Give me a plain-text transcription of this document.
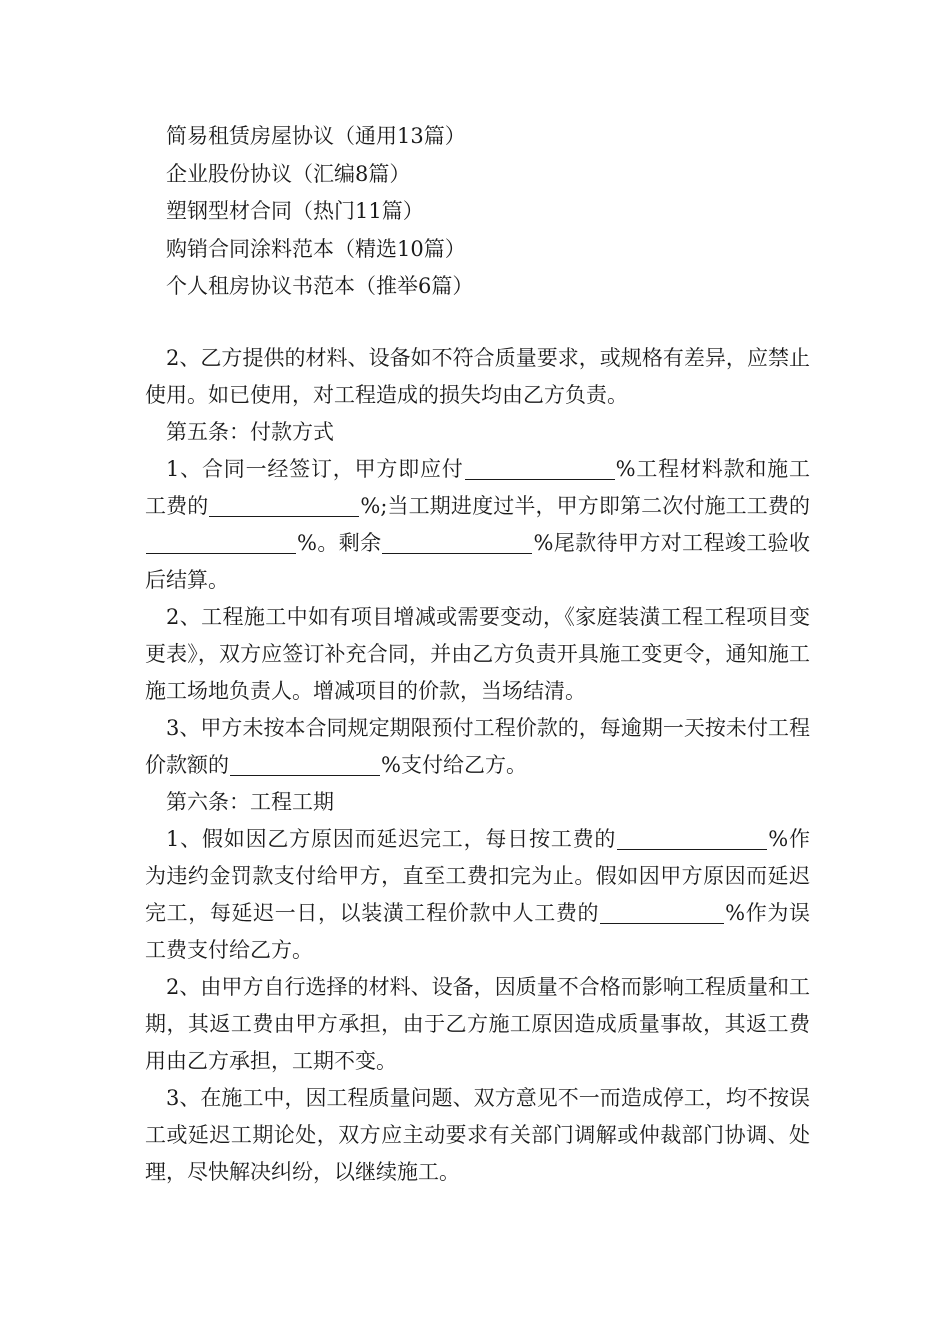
简易租赁房屋协议（通用13篇）
企业股份协议（汇编8篇）
塑钢型材合同（热门11篇）
购销合同涂料范本（精选10篇）
个人租房协议书范本（推举6篇）

2、乙方提供的材料、设备如不符合质量要求，或规格有差异，应禁止使用。如已使用，对工程造成的损失均由乙方负责。

第五条：付款方式

1、合同一经签订，甲方即应付	%工程材料款和施工工费的	%;当工期进度过半，甲方即第二次付施工工费的%。剩余	%尾款待甲方对工程竣工验收后结算。

2、工程施工中如有项目增减或需要变动，《家庭装潢工程工程项目变更表》，双方应签订补充合同，并由乙方负责开具施工变更令，通知施工施工场地负责人。增减项目的价款，当场结清。

3、甲方未按本合同规定期限预付工程价款的，每逾期一天按未付工程价款额的	%支付给乙方。

第六条：工程工期

1、假如因乙方原因而延迟完工，每日按工费的	%作为违约金罚款支付给甲方，直至工费扣完为止。假如因甲方原因而延迟完工，每延迟一日，以装潢工程价款中人工费的	%作为误工费支付给乙方。

2、由甲方自行选择的材料、设备，因质量不合格而影响工程质量和工期，其返工费由甲方承担，由于乙方施工原因造成质量事故，其返工费用由乙方承担，工期不变。

3、在施工中，因工程质量问题、双方意见不一而造成停工，均不按误工或延迟工期论处，双方应主动要求有关部门调解或仲裁部门协调、处理，尽快解决纠纷，以继续施工。
